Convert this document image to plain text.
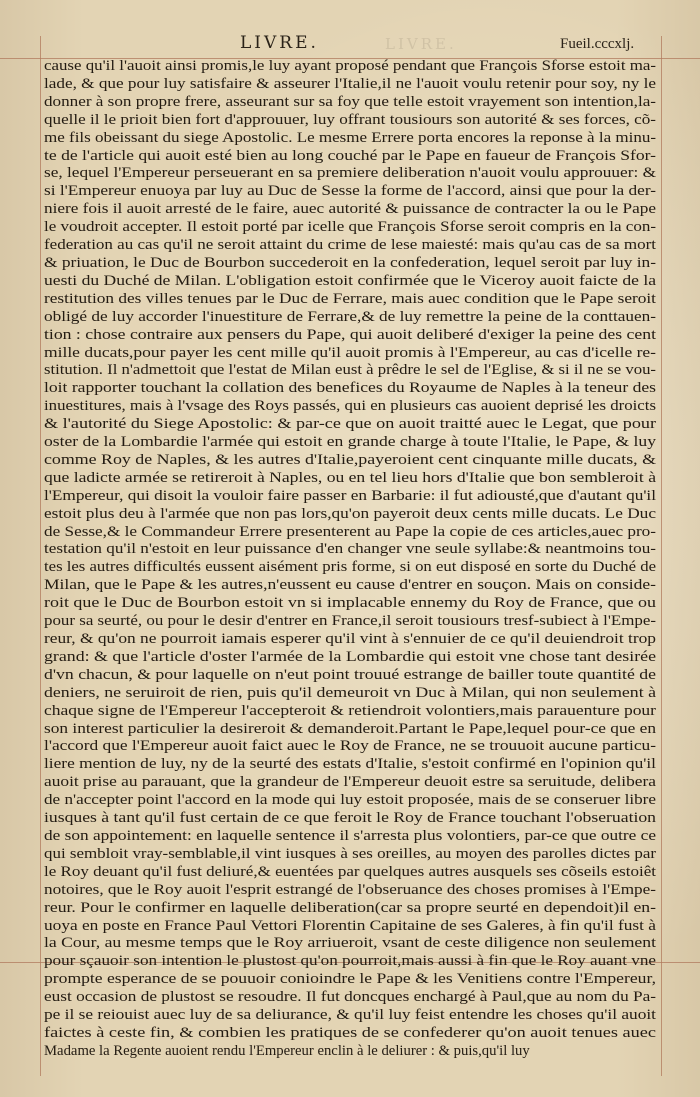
LIVRE.	LIVRE.	Fueil.cccxlj.
cause qu'il l'auoit ainsi promis,le luy ayant proposé pendant que François Sforse estoit ma-
lade, & que pour luy satisfaire & asseurer l'Italie,il ne l'auoit voulu retenir pour soy, ny le
donner à son propre frere, asseurant sur sa foy que telle estoit vrayement son intention,la-
quelle il le prioit bien fort d'approuuer, luy offrant tousiours son autorité & ses forces, cõ-
me fils obeissant du siege Apostolic. Le mesme Errere porta encores la reponse à la minu-
te de l'article qui auoit esté bien au long couché par le Pape en faueur de François Sfor-
se, lequel l'Empereur perseuerant en sa premiere deliberation n'auoit voulu approuuer: &
si l'Empereur enuoya par luy au Duc de Sesse la forme de l'accord, ainsi que pour la der-
niere fois il auoit arresté de le faire, auec autorité & puissance de contracter la ou le Pape
le voudroit accepter. Il estoit porté par icelle que François Sforse seroit compris en la con-
federation au cas qu'il ne seroit attaint du crime de lese maiesté: mais qu'au cas de sa mort
& priuation, le Duc de Bourbon succederoit en la confederation, lequel seroit par luy in-
uesti du Duché de Milan. L'obligation estoit confirmée que le Viceroy auoit faicte de la
restitution des villes tenues par le Duc de Ferrare, mais auec condition que le Pape seroit
obligé de luy accorder l'inuestiture de Ferrare,& de luy remettre la peine de la conttauen-
tion : chose contraire aux pensers du Pape, qui auoit deliberé d'exiger la peine des cent
mille ducats,pour payer les cent mille qu'il auoit promis à l'Empereur, au cas d'icelle re-
stitution. Il n'admettoit que l'estat de Milan eust à prêdre le sel de l'Eglise, & si il ne se vou-
loit rapporter touchant la collation des benefices du Royaume de Naples à la teneur des
inuestitures, mais à l'vsage des Roys passés, qui en plusieurs cas auoient deprisé les droicts
& l'autorité du Siege Apostolic: & par-ce que on auoit traitté auec le Legat, que pour
oster de la Lombardie l'armée qui estoit en grande charge à toute l'Italie, le Pape, & luy
comme Roy de Naples, & les autres d'Italie,payeroient cent cinquante mille ducats, &
que ladicte armée se retireroit à Naples, ou en tel lieu hors d'Italie que bon sembleroit à
l'Empereur, qui disoit la vouloir faire passer en Barbarie: il fut adiousté,que d'autant qu'il
estoit plus deu à l'armée que non pas lors,qu'on payeroit deux cents mille ducats. Le Duc
de Sesse,& le Commandeur Errere presenterent au Pape la copie de ces articles,auec pro-
testation qu'il n'estoit en leur puissance d'en changer vne seule syllabe:& neantmoins tou-
tes les autres difficultés eussent aisément pris forme, si on eut disposé en sorte du Duché de
Milan, que le Pape & les autres,n'eussent eu cause d'entrer en souçon. Mais on conside-
roit que le Duc de Bourbon estoit vn si implacable ennemy du Roy de France, que ou
pour sa seurté, ou pour le desir d'entrer en France,il seroit tousiours tresf-subiect à l'Empe-
reur, & qu'on ne pourroit iamais esperer qu'il vint à s'ennuier de ce qu'il deuiendroit trop
grand: & que l'article d'oster l'armée de la Lombardie qui estoit vne chose tant desirée
d'vn chacun, & pour laquelle on n'eut point trouué estrange de bailler toute quantité de
deniers, ne seruiroit de rien, puis qu'il demeuroit vn Duc à Milan, qui non seulement à
chaque signe de l'Empereur l'accepteroit & retiendroit volontiers,mais parauenture pour
son interest particulier la desireroit & demanderoit.Partant le Pape,lequel pour-ce que en
l'accord que l'Empereur auoit faict auec le Roy de France, ne se trouuoit aucune particu-
liere mention de luy, ny de la seurté des estats d'Italie, s'estoit confirmé en l'opinion qu'il
auoit prise au parauant, que la grandeur de l'Empereur deuoit estre sa seruitude, delibera
de n'accepter point l'accord en la mode qui luy estoit proposée, mais de se conseruer libre
iusques à tant qu'il fust certain de ce que feroit le Roy de France touchant l'obseruation
de son appointement: en laquelle sentence il s'arresta plus volontiers, par-ce que outre ce
qui sembloit vray-semblable,il vint iusques à ses oreilles, au moyen des parolles dictes par
le Roy deuant qu'il fust deliuré,& euentées par quelques autres ausquels ses cõseils estoiêt
notoires, que le Roy auoit l'esprit estrangé de l'obseruance des choses promises à l'Empe-
reur. Pour le confirmer en laquelle deliberation(car sa propre seurté en dependoit)il en-
uoya en poste en France Paul Vettori Florentin Capitaine de ses Galeres, à fin qu'il fust à
la Cour, au mesme temps que le Roy arriueroit, vsant de ceste diligence non seulement
pour sçauoir son intention le plustost qu'on pourroit,mais aussi à fin que le Roy auant vne
prompte esperance de se pouuoir conioindre le Pape & les Venitiens contre l'Empereur,
eust occasion de plustost se resoudre. Il fut doncques enchargé à Paul,que au nom du Pa-
pe il se reiouist auec luy de sa deliurance, & qu'il luy feist entendre les choses qu'il auoit
faictes à ceste fin, & combien les pratiques de se confederer qu'on auoit tenues auec
Madame la Regente auoient rendu l'Empereur enclin à le deliurer : & puis,qu'il luy
